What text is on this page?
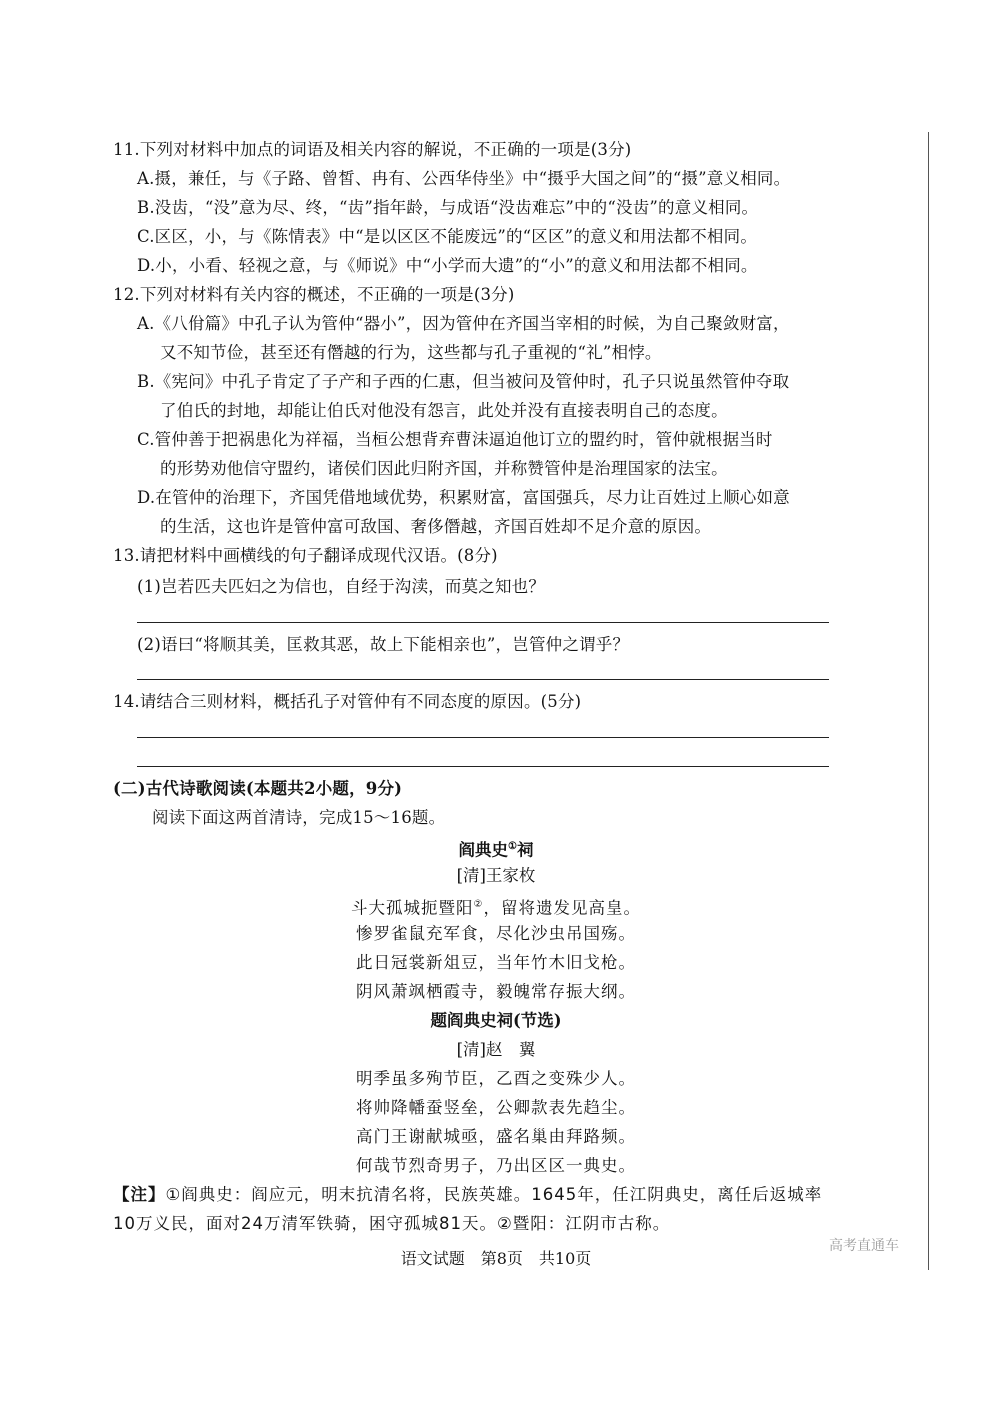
11.下列对材料中加点的词语及相关内容的解说，不正确的一项是(3分)
A.摄，兼任，与《子路、曾皙、冉有、公西华侍坐》中“摄乎大国之间”的“摄”意义相同。
B.没齿，“没”意为尽、终，“齿”指年龄，与成语“没齿难忘”中的“没齿”的意义相同。
C.区区，小，与《陈情表》中“是以区区不能废远”的“区区”的意义和用法都不相同。
D.小，小看、轻视之意，与《师说》中“小学而大遗”的“小”的意义和用法都不相同。
12.下列对材料有关内容的概述，不正确的一项是(3分)
A.《八佾篇》中孔子认为管仲“器小”，因为管仲在齐国当宰相的时候，为自己聚敛财富，
又不知节俭，甚至还有僭越的行为，这些都与孔子重视的“礼”相悖。
B.《宪问》中孔子肯定了子产和子西的仁惠，但当被问及管仲时，孔子只说虽然管仲夺取
了伯氏的封地，却能让伯氏对他没有怨言，此处并没有直接表明自己的态度。
C.管仲善于把祸患化为祥福，当桓公想背弃曹沫逼迫他订立的盟约时，管仲就根据当时
的形势劝他信守盟约，诸侯们因此归附齐国，并称赞管仲是治理国家的法宝。
D.在管仲的治理下，齐国凭借地域优势，积累财富，富国强兵，尽力让百姓过上顺心如意
的生活，这也许是管仲富可敌国、奢侈僭越，齐国百姓却不足介意的原因。
13.请把材料中画横线的句子翻译成现代汉语。(8分)
(1)岂若匹夫匹妇之为信也，自经于沟渎，而莫之知也？
(2)语曰“将顺其美，匡救其恶，故上下能相亲也”，岂管仲之谓乎？
14.请结合三则材料，概括孔子对管仲有不同态度的原因。(5分)
(二)古代诗歌阅读(本题共2小题，9分)
阅读下面这两首清诗，完成15～16题。
阎典史①祠
[清]王家枚
斗大孤城扼暨阳②，留将遗发见高皇。
惨罗雀鼠充军食，尽化沙虫吊国殇。
此日冠裳新俎豆，当年竹木旧戈枪。
阴风萧飒栖霞寺，毅魄常存振大纲。
题阎典史祠(节选)
[清]赵　翼
明季虽多殉节臣，乙酉之变殊少人。
将帅降幡蚕竖垒，公卿款表先趋尘。
高门王谢献城亟，盛名巢由拜路频。
何哉节烈奇男子，乃出区区一典史。
【注】①阎典史：阎应元，明末抗清名将，民族英雄。1645年，任江阴典史，离任后返城率
10万义民，面对24万清军铁骑，困守孤城81天。②暨阳：江阴市古称。
语文试题　第8页　共10页
高考直通车
